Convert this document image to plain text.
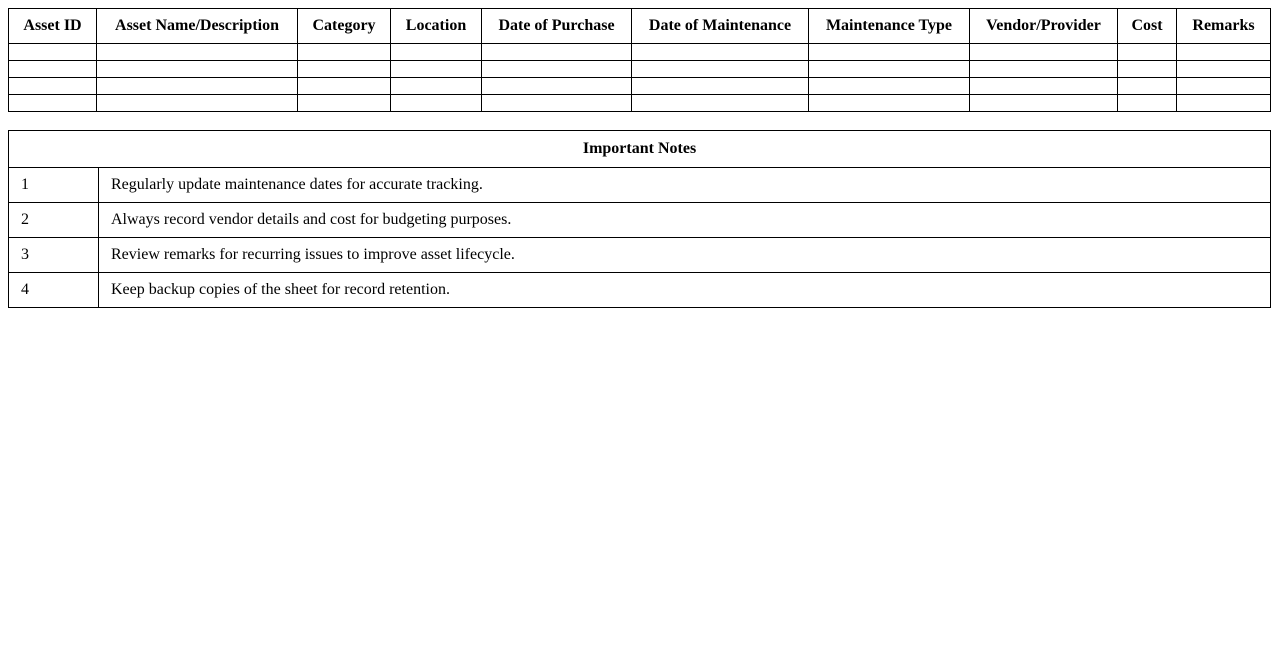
Asset ID	Asset Name/Description	Category	Location	Date of Purchase	Date of Maintenance	Maintenance Type	Vendor/Provider	Cost	Remarks

Important Notes	
1	Regularly update maintenance dates for accurate tracking.
2	Always record vendor details and cost for budgeting purposes.
3	Review remarks for recurring issues to improve asset lifecycle.
4	Keep backup copies of the sheet for record retention.
